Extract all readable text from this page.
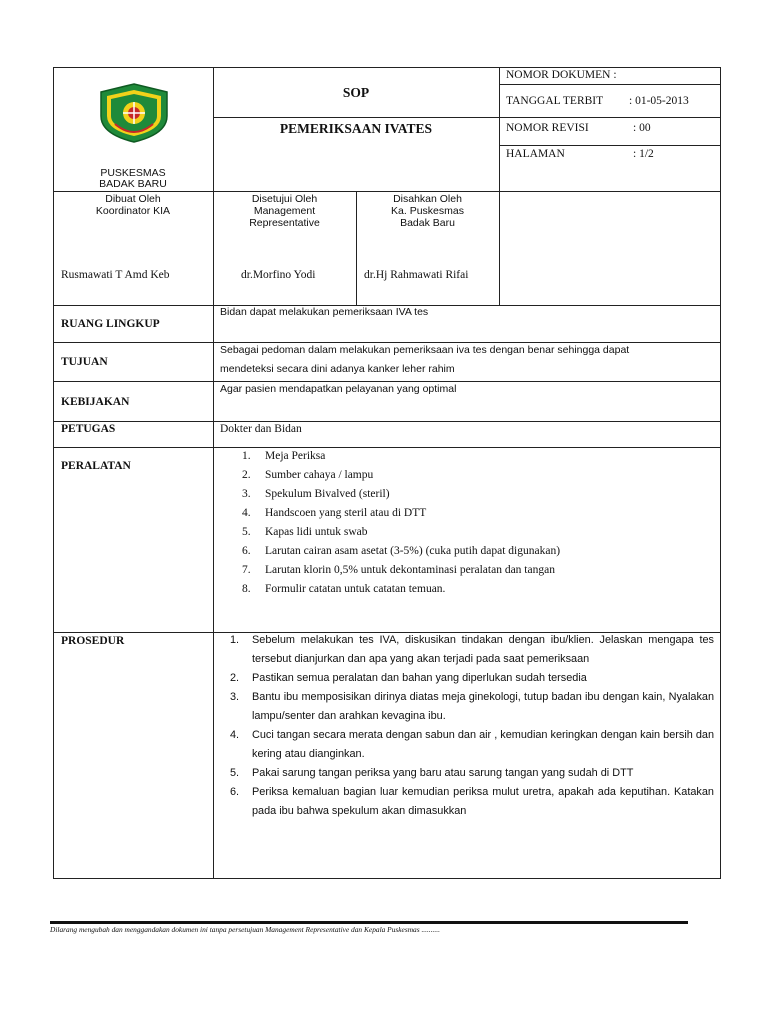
PUSKESMAS
BADAK BARU
SOP
PEMERIKSAAN IVATES
NOMOR DOKUMEN :
TANGGAL TERBIT : 01-05-2013
NOMOR REVISI	: 00
HALAMAN	: 1/2
Dibuat Oleh
Koordinator KIA
Rusmawati T Amd Keb
Disetujui Oleh
Management
Representative
dr.Morfino Yodi
Disahkan Oleh
Ka. Puskesmas
Badak Baru
dr.Hj Rahmawati Rifai
RUANG LINGKUP
TUJUAN
KEBIJAKAN
PETUGAS
PERALATAN
PROSEDUR
Bidan dapat melakukan pemeriksaan IVA tes
Sebagai pedoman dalam melakukan pemeriksaan iva tes dengan benar sehingga dapat
mendeteksi secara dini adanya kanker leher rahim
Agar pasien mendapatkan pelayanan yang optimal
Dokter dan Bidan
1. Meja Periksa
2. Sumber cahaya / lampu
3. Spekulum Bivalved (steril)
4. Handscoen yang steril atau di DTT
5. Kapas lidi untuk swab
6. Larutan cairan asam asetat (3-5%) (cuka putih dapat digunakan)
7. Larutan klorin 0,5% untuk dekontaminasi peralatan dan tangan
8. Formulir catatan untuk catatan temuan.
1. Sebelum melakukan tes IVA, diskusikan tindakan dengan ibu/klien. Jelaskan mengapa tes tersebut dianjurkan dan apa yang akan terjadi pada saat pemeriksaan
2. Pastikan semua peralatan dan bahan yang diperlukan sudah tersedia
3. Bantu ibu memposisikan dirinya diatas meja ginekologi, tutup badan ibu dengan kain, Nyalakan lampu/senter dan arahkan kevagina ibu.
4. Cuci tangan secara merata dengan sabun dan air , kemudian keringkan dengan kain bersih dan kering atau dianginkan.
5. Pakai sarung tangan periksa yang baru atau sarung tangan yang sudah di DTT
6. Periksa kemaluan bagian luar kemudian periksa mulut uretra, apakah ada keputihan. Katakan pada ibu bahwa spekulum akan dimasukkan
Dilarang mengubah dan menggandakan dokumen ini tanpa persetujuan Management Representative dan Kepala Puskesmas ..........
